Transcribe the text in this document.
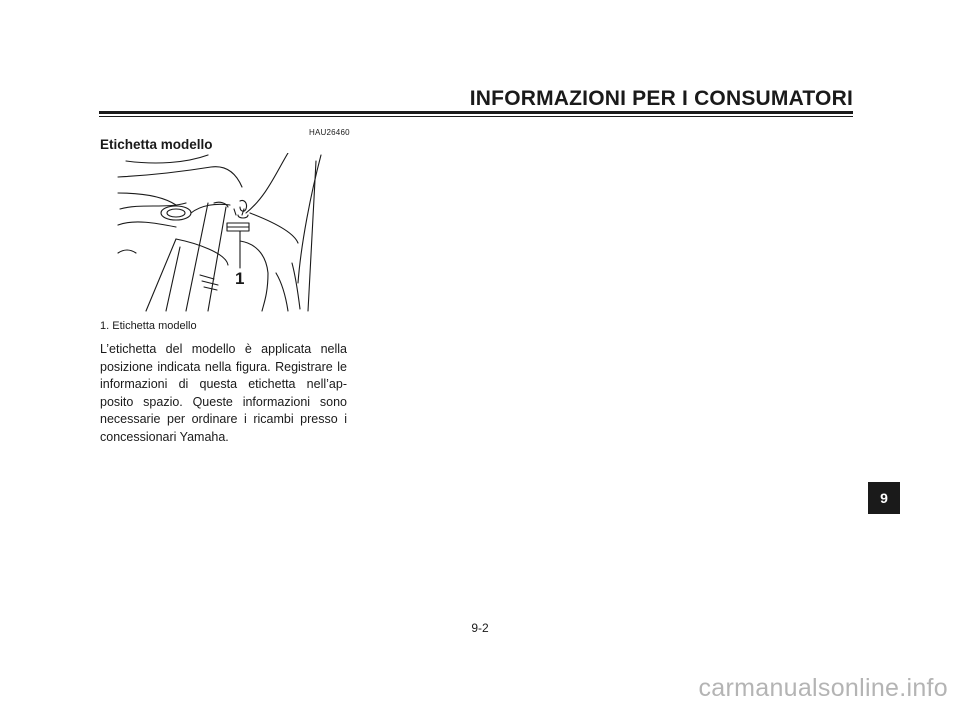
INFORMAZIONI PER I CONSUMATORI
HAU26460
Etichetta modello
1
1. Etichetta modello
L’etichetta del modello è applicata nella posizione indicata nella figura. Registrare le informazioni di questa etichetta nell’ap-posito spazio. Queste informazioni sono necessarie per ordinare i ricambi presso i concessionari Yamaha.
9
9-2
carmanualsonline.info
